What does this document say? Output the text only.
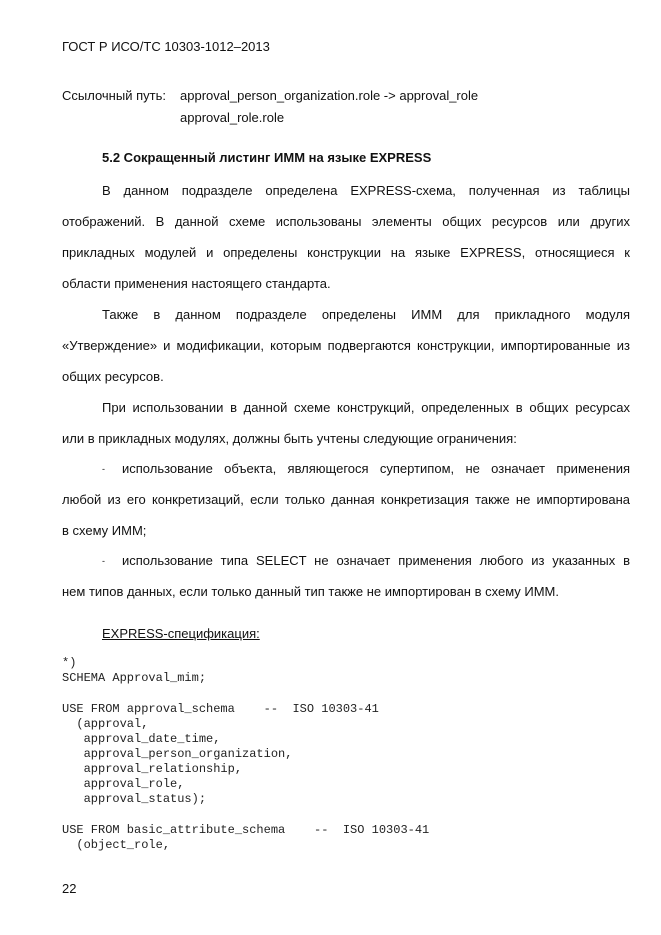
ГОСТ Р ИСО/ТС 10303-1012–2013
Ссылочный путь: approval_person_organization.role -> approval_role
approval_role.role
5.2 Сокращенный листинг ИММ на языке EXPRESS
В данном подразделе определена EXPRESS-схема, полученная из таблицы
отображений. В данной схеме использованы элементы общих ресурсов или других
прикладных модулей и определены конструкции на языке EXPRESS, относящиеся к
области применения настоящего стандарта.
Также в данном подразделе определены ИММ для прикладного модуля
«Утверждение» и модификации, которым подвергаются конструкции, импортированные из
общих ресурсов.
При использовании в данной схеме конструкций, определенных в общих ресурсах
или в прикладных модулях, должны быть учтены следующие ограничения:
- использование объекта, являющегося супертипом, не означает применения
любой из его конкретизаций, если только данная конкретизация также не импортирована
в схему ИММ;
- использование типа SELECT не означает применения любого из указанных в
нем типов данных, если только данный тип также не импортирован в схему ИММ.
EXPRESS-спецификация:
*)
SCHEMA Approval_mim;
USE FROM approval_schema    --  ISO 10303-41
(approval,
approval_date_time,
approval_person_organization,
approval_relationship,
approval_role,
approval_status);
USE FROM basic_attribute_schema    --  ISO 10303-41
(object_role,
22
